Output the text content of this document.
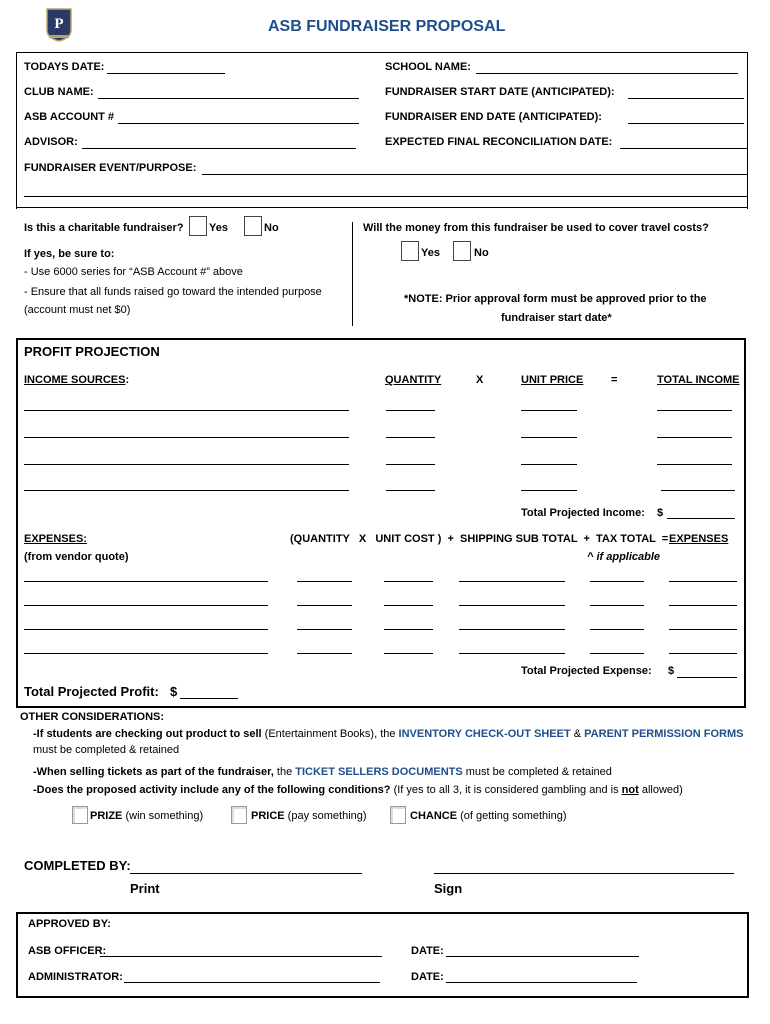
P	ASB FUNDRAISER PROPOSAL
TODAYS DATE:	SCHOOL NAME:
CLUB NAME:	FUNDRAISER START DATE (ANTICIPATED):
ASB ACCOUNT #	FUNDRAISER END DATE (ANTICIPATED):
ADVISOR:	EXPECTED FINAL RECONCILIATION DATE:
FUNDRAISER EVENT/PURPOSE:
Is this a charitable fundraiser? Yes	No
If yes, be sure to:
- Use 6000 series for “ASB Account #” above
- Ensure that all funds raised go toward the intended purpose
(account must net $0)
Will the money from this fundraiser be used to cover travel costs?
Yes	No
*NOTE: Prior approval form must be approved prior to the
fundraiser start date*
PROFIT PROJECTION
INCOME SOURCES:	QUANTITY	X	UNIT PRICE	=	TOTAL INCOME
Total Projected Income: $
EXPENSES:
(from vendor quote)
(QUANTITY   X   UNIT COST )  +  SHIPPING SUB TOTAL  +  TAX TOTAL  = EXPENSES
^ if applicable
Total Projected Expense: $
Total Projected Profit: $
OTHER CONSIDERATIONS:
-If students are checking out product to sell (Entertainment Books), the INVENTORY CHECK-OUT SHEET & PARENT PERMISSION FORMS
must be completed & retained
-When selling tickets as part of the fundraiser, the TICKET SELLERS DOCUMENTS must be completed & retained
-Does the proposed activity include any of the following conditions? (If yes to all 3, it is considered gambling and is not allowed)
PRIZE (win something)	PRICE (pay something)	CHANCE (of getting something)
COMPLETED BY:
Print	Sign
APPROVED BY:
ASB OFFICER:	DATE:
ADMINISTRATOR:	DATE:
